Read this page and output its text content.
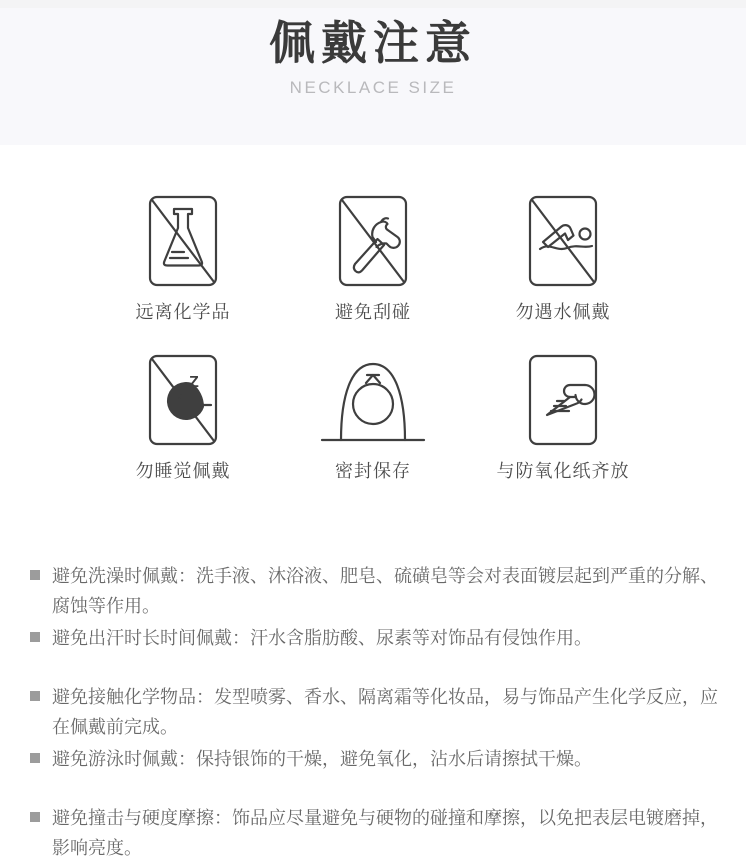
佩戴注意
NECKLACE SIZE
远离化学品	避免刮碰	勿遇水佩戴
Z
z
勿睡觉佩戴	密封保存	与防氧化纸齐放

避免洗澡时佩戴：洗手液、沐浴液、肥皂、硫磺皂等会对表面镀层起到严重的分解、腐蚀等作用。

避免出汗时长时间佩戴：汗水含脂肪酸、尿素等对饰品有侵蚀作用。

避免接触化学物品：发型喷雾、香水、隔离霜等化妆品，易与饰品产生化学反应，应在佩戴前完成。

避免游泳时佩戴：保持银饰的干燥，避免氧化，沾水后请擦拭干燥。

避免撞击与硬度摩擦：饰品应尽量避免与硬物的碰撞和摩擦，以免把表层电镀磨掉，影响亮度。
